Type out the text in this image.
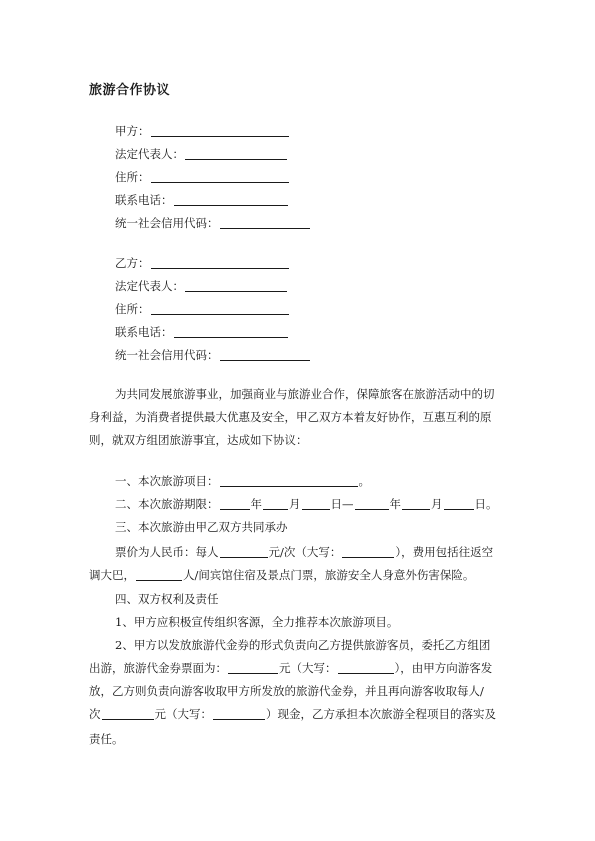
旅游合作协议
甲方：
法定代表人：
住所：
联系电话：
统一社会信用代码：
乙方：
法定代表人：
住所：
联系电话：
统一社会信用代码：
为共同发展旅游事业，加强商业与旅游业合作，保障旅客在旅游活动中的切
身利益，为消费者提供最大优惠及安全，甲乙双方本着友好协作，互惠互利的原
则，就双方组团旅游事宜，达成如下协议：
一、本次旅游项目：	。
二、本次旅游期限：	年 月	日—	年	月	日。
三、本次旅游由甲乙双方共同承办
票价为人民币：每人	元/次（大写：	），费用包括往返空
调大巴，	人/间宾馆住宿及景点门票，旅游安全人身意外伤害保险。
四、双方权利及责任
1、甲方应积极宣传组织客源，全力推荐本次旅游项目。
2、甲方以发放旅游代金券的形式负责向乙方提供旅游客员，委托乙方组团
出游，旅游代金券票面为：	元（大写：	），由甲方向游客发
放，乙方则负责向游客收取甲方所发放的旅游代金券，并且再向游客收取每人/
次	元（大写：	）现金，乙方承担本次旅游全程项目的落实及
责任。
